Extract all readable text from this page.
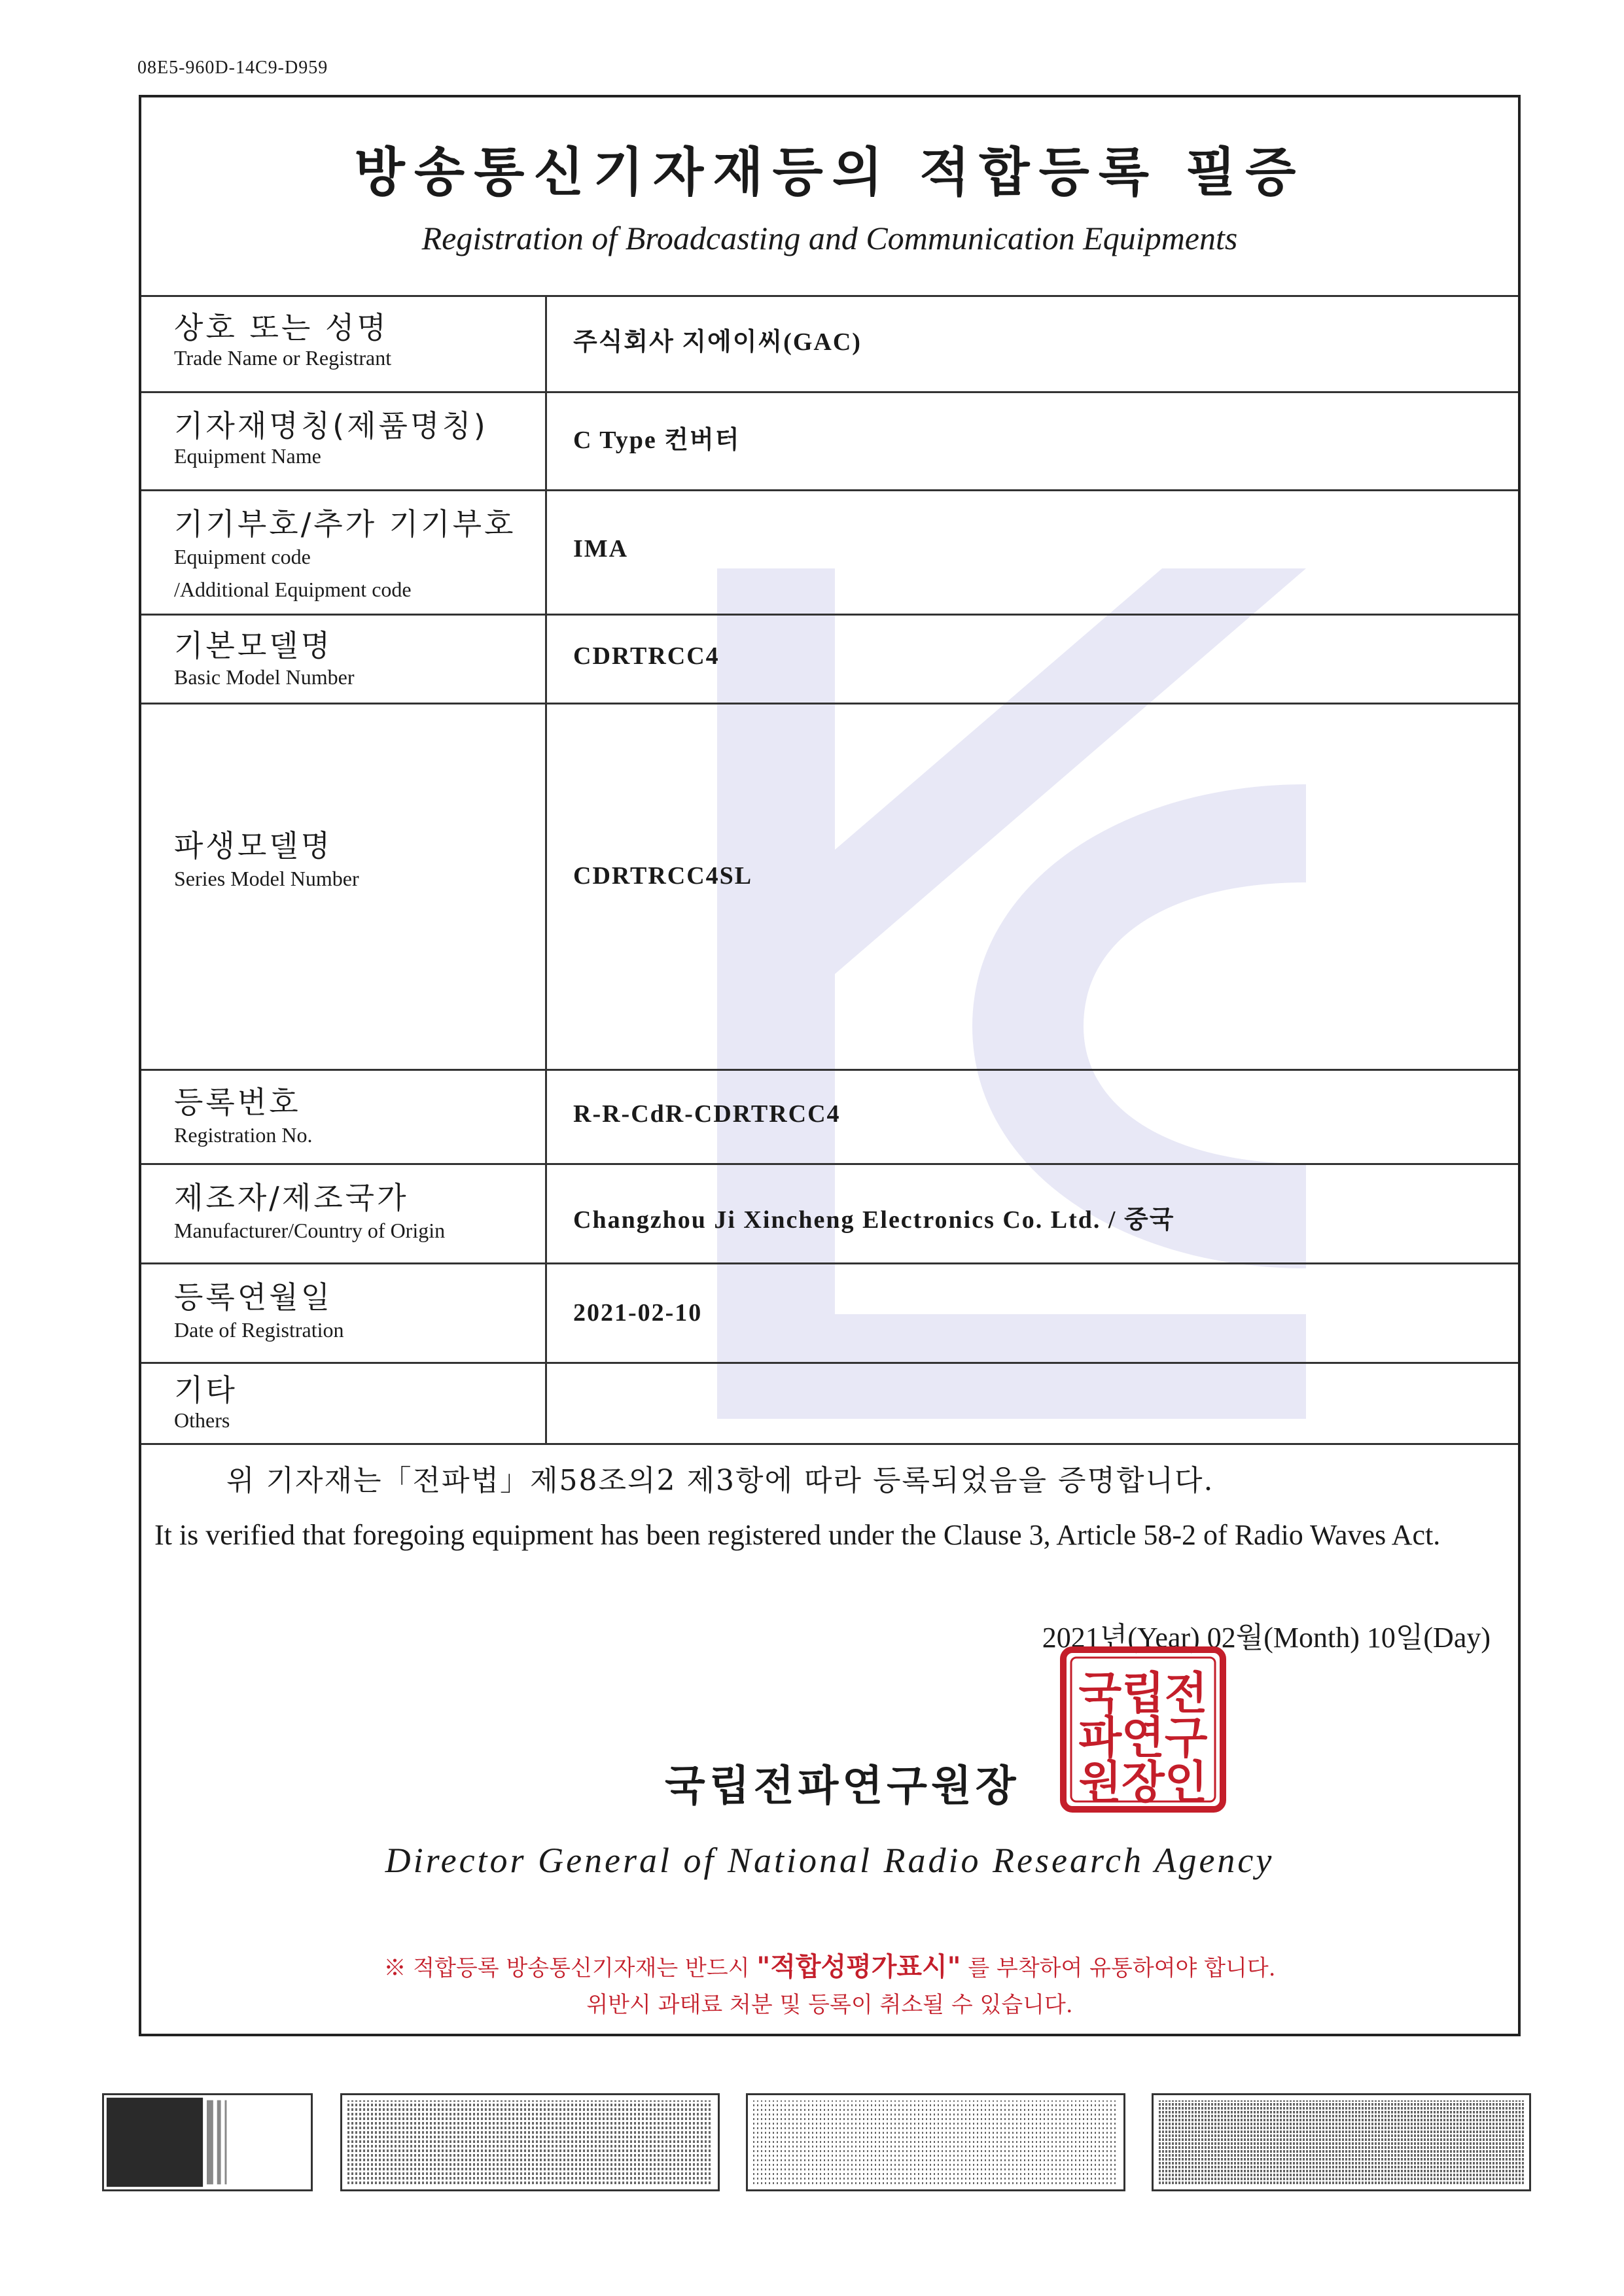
08E5-960D-14C9-D959
방송통신기자재등의 적합등록 필증
Registration of Broadcasting and Communication Equipments
상호 또는 성명
Trade Name or Registrant
주식회사 지에이씨(GAC)
기자재명칭(제품명칭)
Equipment Name
C Type 컨버터
기기부호/추가 기기부호
Equipment code
/Additional Equipment code
IMA
기본모델명
Basic Model Number
CDRTRCC4
파생모델명
Series Model Number	CDRTRCC4SL
등록번호
Registration No.
R-R-CdR-CDRTRCC4
제조자/제조국가
Manufacturer/Country of Origin	Changzhou Ji Xincheng Electronics Co. Ltd. / 중국
등록연월일
Date of Registration
2021-02-10
기타
Others
위 기자재는「전파법」제58조의2 제3항에 따라 등록되었음을 증명합니다.
It is verified that foregoing equipment has been registered under the Clause 3, Article 58-2 of Radio Waves Act.
2021년(Year) 02월(Month) 10일(Day)
국립전파연구원장
국립전
파연구
원장인
Director General of National Radio Research Agency
※ 적합등록 방송통신기자재는 반드시 "적합성평가표시" 를 부착하여 유통하여야 합니다.
위반시 과태료 처분 및 등록이 취소될 수 있습니다.
